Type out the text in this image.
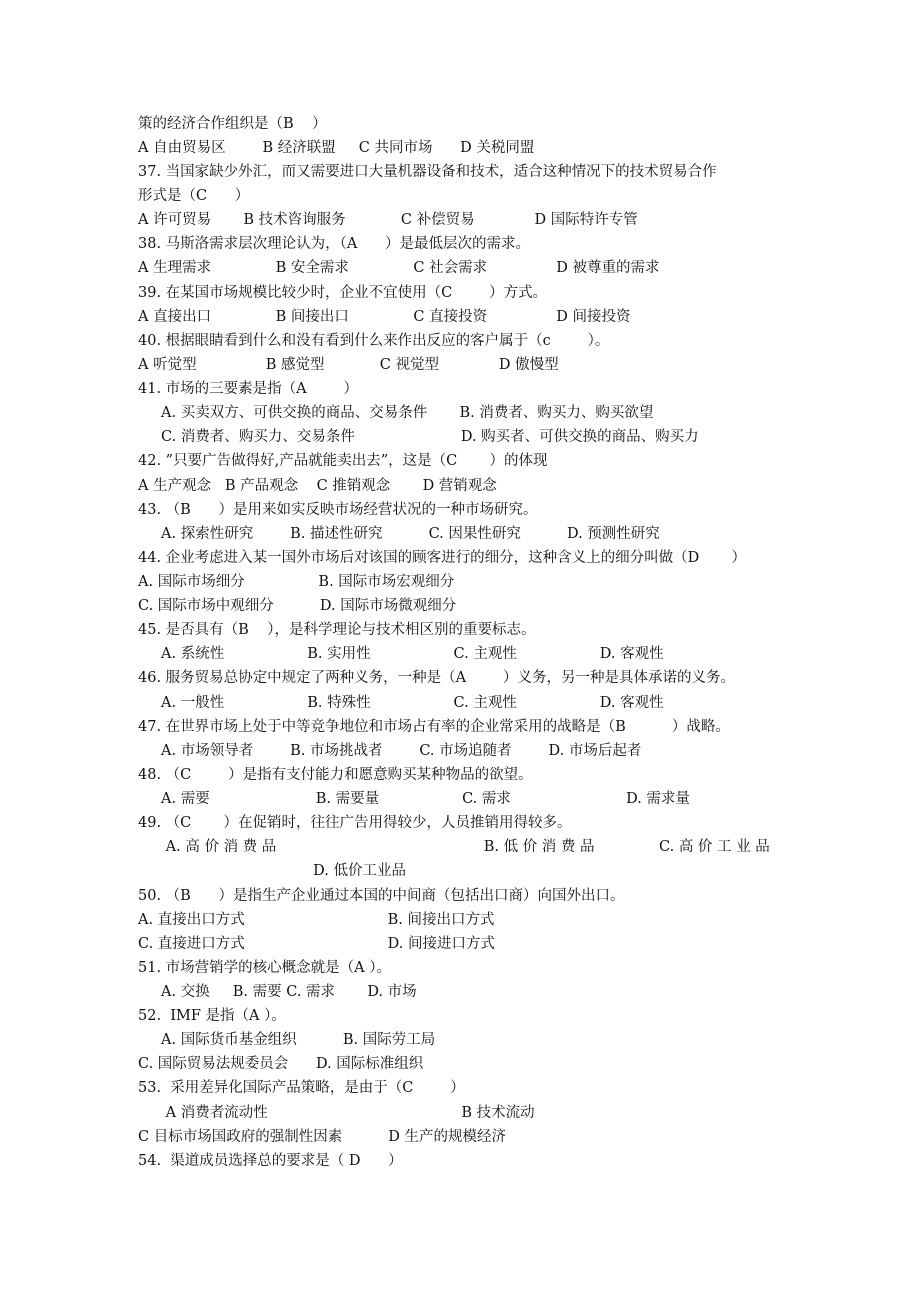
策的经济合作组织是（B    ）
A 自由贸易区        B 经济联盟     C 共同市场      D 关税同盟
37. 当国家缺少外汇，而又需要进口大量机器设备和技术，适合这种情况下的技术贸易合作
形式是（C      ）
A 许可贸易       B 技术咨询服务            C 补偿贸易             D 国际特许专管
38. 马斯洛需求层次理论认为，（A      ）是最低层次的需求。
A 生理需求              B 安全需求              C 社会需求               D 被尊重的需求
39. 在某国市场规模比较少时，企业不宜使用（C        ）方式。
A 直接出口              B 间接出口              C 直接投资               D 间接投资
40. 根据眼睛看到什么和没有看到什么来作出反应的客户属于（c        ）。
A 听觉型               B 感觉型            C 视觉型             D 傲慢型
41. 市场的三要素是指（A        ）
A. 买卖双方、可供交换的商品、交易条件       B. 消费者、购买力、购买欲望
C. 消费者、购买力、交易条件                       D. 购买者、可供交换的商品、购买力
42. ”只要广告做得好,产品就能卖出去”，这是（C       ）的体现
A 生产观念   B 产品观念    C 推销观念       D 营销观念
43. （B      ）是用来如实反映市场经营状况的一种市场研究。
A. 探索性研究        B. 描述性研究          C. 因果性研究          D. 预测性研究
44. 企业考虑进入某一国外市场后对该国的顾客进行的细分，这种含义上的细分叫做（D       ）
A. 国际市场细分                B. 国际市场宏观细分
C. 国际市场中观细分          D. 国际市场微观细分
45. 是否具有（B    ），是科学理论与技术相区别的重要标志。
A. 系统性                  B. 实用性                  C. 主观性                  D. 客观性
46. 服务贸易总协定中规定了两种义务，一种是（A        ）义务，另一种是具体承诺的义务。
A. 一般性                  B. 特殊性                  C. 主观性                  D. 客观性
47. 在世界市场上处于中等竞争地位和市场占有率的企业常采用的战略是（B          ）战略。
A. 市场领导者        B. 市场挑战者        C. 市场追随者        D. 市场后起者
48. （C        ）是指有支付能力和愿意购买某种物品的欲望。
A. 需要                       B. 需要量                  C. 需求                         D. 需求量
49. （C       ）在促销时，往往广告用得较少，人员推销用得较多。
A. 高 价 消 费 品                                             B. 低 价 消 费 品              C. 高 价 工 业 品
D. 低价工业品
50. （B      ）是指生产企业通过本国的中间商（包括出口商）向国外出口。
A. 直接出口方式                               B. 间接出口方式
C. 直接进口方式                               D. 间接进口方式
51. 市场营销学的核心概念就是（A ）。
A. 交换     B. 需要 C. 需求       D. 市场
52.  IMF 是指（A ）。
A. 国际货币基金组织          B. 国际劳工局
C. 国际贸易法规委员会      D. 国际标准组织
53.  采用差异化国际产品策略，是由于（C        ）
A 消费者流动性                                          B 技术流动
C 目标市场国政府的强制性因素          D 生产的规模经济
54.  渠道成员选择总的要求是（ D      ）
